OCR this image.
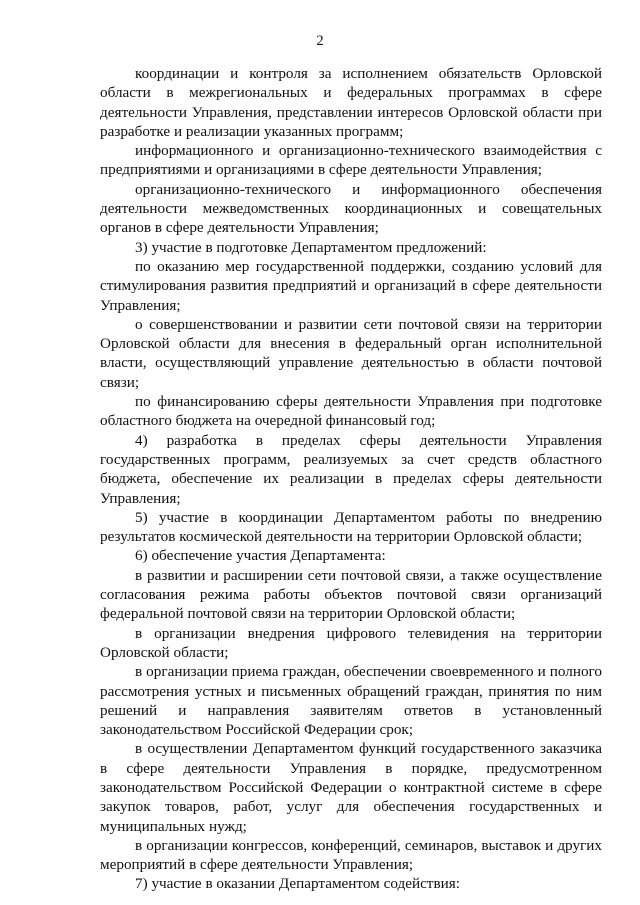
2

координации и контроля за исполнением обязательств Орловской области в межрегиональных и федеральных программах в сфере деятельности Управления, представлении интересов Орловской области при разработке и реализации указанных программ;

информационного и организационно-технического взаимодействия с предприятиями и организациями в сфере деятельности Управления;

организационно-технического и информационного обеспечения деятельности межведомственных координационных и совещательных органов в сфере деятельности Управления;

3) участие в подготовке Департаментом предложений:

по оказанию мер государственной поддержки, созданию условий для стимулирования развития предприятий и организаций в сфере деятельности Управления;

о совершенствовании и развитии сети почтовой связи на территории Орловской области для внесения в федеральный орган исполнительной власти, осуществляющий управление деятельностью в области почтовой связи;

по финансированию сферы деятельности Управления при подготовке областного бюджета на очередной финансовый год;

4) разработка в пределах сферы деятельности Управления государственных программ, реализуемых за счет средств областного бюджета, обеспечение их реализации в пределах сферы деятельности Управления;

5) участие в координации Департаментом работы по внедрению результатов космической деятельности на территории Орловской области;

6) обеспечение участия Департамента:

в развитии и расширении сети почтовой связи, а также осуществление согласования режима работы объектов почтовой связи организаций федеральной почтовой связи на территории Орловской области;

в организации внедрения цифрового телевидения на территории Орловской области;

в организации приема граждан, обеспечении своевременного и полного рассмотрения устных и письменных обращений граждан, принятия по ним решений и направления заявителям ответов в установленный законодательством Российской Федерации срок;

в осуществлении Департаментом функций государственного заказчика в сфере деятельности Управления в порядке, предусмотренном законодательством Российской Федерации о контрактной системе в сфере закупок товаров, работ, услуг для обеспечения государственных и муниципальных нужд;

в организации конгрессов, конференций, семинаров, выставок и других мероприятий в сфере деятельности Управления;

7) участие в оказании Департаментом содействия:
